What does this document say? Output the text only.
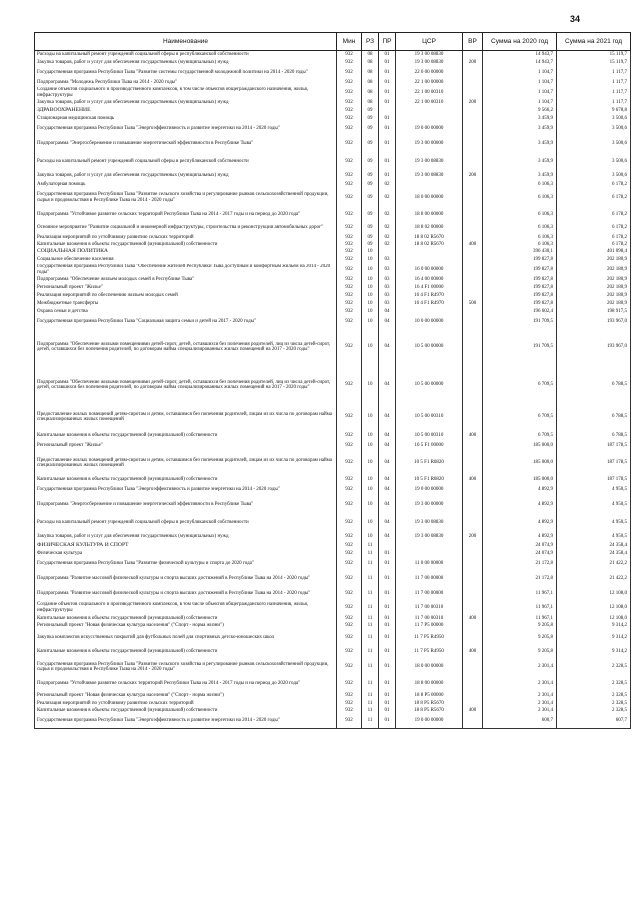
34
Наименование	Мин	РЗ	ПР	ЦСР	ВР	Сумма на 2020 год	Сумма на 2021 год
Расходы на капитальный ремонт учреждений социальной сферы в республиканской собственности	932	08	01	19 3 00 08830		14 943,7	15 119,7
Закупка товаров, работ и услуг для обеспечения государственных (муниципальных) нужд	932	08	01	19 3 00 08830	200	14 943,7	15 119,7
Государственная программа Республики Тыва "Развитие системы государственной молодежной политики на 2014 - 2020 годы"	932	08	01	22 0 00 00000		1 104,7	1 117,7
Подпрограмма "Молодежь Республики Тыва на 2014 - 2020 годы"	932	08	01	22 1 00 00000		1 104,7	1 117,7
Создание объектов социального и производственного комплексов, в том числе объектов общегражданского назначения, жилья, инфраструктуры	932	08	01	22 1 00 00310		1 104,7	1 117,7
Закупка товаров, работ и услуг для обеспечения государственных (муниципальных) нужд	932	08	01	22 1 00 00310	200	1 104,7	1 117,7
ЗДРАВООХРАНЕНИЕ	932	09				9 566,2	9 678,8
Стационарная медицинская помощь	932	09	01			3 459,9	3 500,6
Государственная программа Республики Тыва "Энергоэффективность и развитие энергетики на 2014 - 2020 годы"	932	09	01	19 0 00 00000		3 459,9	3 500,6
Подпрограмма "Энергосбережение и повышение энергетической эффективности в Республике Тыва"	932	09	01	19 3 00 00000		3 459,9	3 500,6
Расходы на капитальный ремонт учреждений социальной сферы в республиканской собственности	932	09	01	19 3 00 08830		3 459,9	3 500,6
Закупка товаров, работ и услуг для обеспечения государственных (муниципальных) нужд	932	09	01	19 3 00 08830	200	3 459,9	3 500,6
Амбулаторная помощь	932	09	02			6 106,3	6 178,2
Государственная программа Республики Тыва "Развитие сельского хозяйства и регулирование рынков сельскохозяйственной продукции, сырья и продовольствия в Республике Тыва на 2014 - 2020 годы"	932	09	02	18 0 00 00000		6 106,3	6 178,2
Подпрограмма "Устойчивое развитие сельских территорий Республики Тыва на 2014 - 2017 годы и на период до 2020 года"	932	09	02	18 8 00 00000		6 106,3	6 178,2
Основное мероприятие "Развитие социальной и инженерной инфраструктуры, строительства и реконструкции автомобильных дорог"	932	09	02	18 8 02 00000		6 106,3	6 178,2
Реализация мероприятий по устойчивому развитию сельских территорий	932	09	02	18 8 02 R5670		6 106,3	6 178,2
Капитальные вложения в объекты государственной (муниципальной) собственности	932	09	02	18 8 02 R5670	400	6 106,3	6 178,2
СОЦИАЛЬНАЯ ПОЛИТИКА	932	10				396 430,1	401 098,4
Социальное обеспечение населения	932	10	03			199 827,8	202 180,9
Государственная программа Республики Тыва "Обеспечение жителей Республики Тыва доступным и комфортным жильем на 2014 - 2020 годы"	932	10	03	16 0 00 00000		199 827,8	202 180,9
Подпрограмма "Обеспечение жильем молодых семей в Республике Тыва"	932	10	03	16 4 00 00000		199 827,8	202 180,9
Региональный проект "Жилье"	932	10	03	16 4 F1 00000		199 827,8	202 180,9
Реализация мероприятий по обеспечению жильем молодых семей	932	10	03	16 4 F1 R4970		199 827,8	202 180,9
Межбюджетные трансферты	932	10	03	16 4 F1 R4970	500	199 827,8	202 180,9
Охрана семьи и детства	932	10	04			196 602,4	198 917,5
Государственная программа Республики Тыва "Социальная защита семьи и детей на 2017 - 2020 годы"	932	10	04	10 0 00 00000		191 709,5	193 967,0
Подпрограмма "Обеспечение жилыми помещениями детей-сирот, детей, оставшихся без попечения родителей, лиц из числа детей-сирот, детей, оставшихся без попечения родителей, по договорам найма специализированных жилых помещений на 2017 - 2020 годы"	932	10	04	10 5 00 00000		191 709,5	193 967,0
Подпрограмма "Обеспечение жилыми помещениями детей-сирот, детей, оставшихся без попечения родителей, лиц из числа детей-сирот, детей, оставшихся без попечения родителей, по договорам найма специализированных жилых помещений на 2017 - 2020 годы"	932	10	04	10 5 00 00000		6 709,5	6 788,5
Предоставление жилых помещений детям-сиротам и детям, оставшимся без попечения родителей, лицам из их числа по договорам найма специализированных жилых помещений	932	10	04	10 5 00 00310		6 709,5	6 788,5
Капитальные вложения в объекты государственной (муниципальной) собственности	932	10	04	10 5 00 00310	400	6 709,5	6 788,5
Региональный проект "Жилье"	932	10	04	10 5 F1 00000		185 000,0	187 178,5
Предоставление жилых помещений детям-сиротам и детям, оставшимся без попечения родителей, лицам из их числа по договорам найма специализированных жилых помещений	932	10	04	10 5 F1 R0820		185 000,0	187 178,5
Капитальные вложения в объекты государственной (муниципальной) собственности	932	10	04	10 5 F1 R0820	400	185 000,0	187 178,5
Государственная программа Республики Тыва "Энергоэффективность и развитие энергетики на 2014 - 2020 годы"	932	10	04	19 0 00 00000		4 892,9	4 950,5
Подпрограмма "Энергосбережение и повышение энергетической эффективности в Республике Тыва"	932	10	04	19 3 00 00000		4 892,9	4 950,5
Расходы на капитальный ремонт учреждений социальной сферы в республиканской собственности	932	10	04	19 3 00 08830		4 892,9	4 950,5
Закупка товаров, работ и услуг для обеспечения государственных (муниципальных) нужд	932	10	04	19 3 00 08830	200	4 892,9	4 950,5
ФИЗИЧЕСКАЯ КУЛЬТУРА И СПОРТ	932	11				24 074,9	24 358,4
Физическая культура	932	11	01			24 074,9	24 358,4
Государственная программа Республики Тыва "Развитие физической культуры и спорта до 2020 года"	932	11	01	11 0 00 00000		21 172,8	21 422,2
Подпрограмма "Развитие массовой физической культуры и спорта высших достижений в Республике Тыва на 2014 - 2020 годы"	932	11	01	11 7 00 00000		21 172,8	21 422,2
Подпрограмма "Развитие массовой физической культуры и спорта высших достижений в Республике Тыва на 2014 - 2020 годы"	932	11	01	11 7 00 00000		11 967,1	12 108,0
Создание объектов социального и производственного комплексов, в том числе объектов общегражданского назначения, жилья, инфраструктуры	932	11	01	11 7 00 00310		11 967,1	12 108,0
Капитальные вложения в объекты государственной (муниципальной) собственности	932	11	01	11 7 00 00310	400	11 967,1	12 108,0
Региональный проект "Новая физическая культура населения" ("Спорт - норма жизни")	932	11	01	11 7 P5 00000		9 205,8	9 314,2
Закупка комплектов искусственных покрытий для футбольных полей для спортивных детско-юношеских школ	932	11	01	11 7 P5 R4950		9 205,8	9 314,2
Капитальные вложения в объекты государственной (муниципальной) собственности	932	11	01	11 7 P5 R4950	400	9 205,8	9 314,2
Государственная программа Республики Тыва "Развитие сельского хозяйства и регулирование рынков сельскохозяйственной продукции, сырья и продовольствия в Республике Тыва на 2014 - 2020 годы"	932	11	01	18 0 00 00000		2 301,4	2 328,5
Подпрограмма "Устойчивое развитие сельских территорий Республики Тыва на 2014 - 2017 годы и на период до 2020 года"	932	11	01	18 8 00 00000		2 301,4	2 328,5
Региональный проект "Новая физическая культура населения" ("Спорт - норма жизни")	932	11	01	18 8 P5 00000		2 301,4	2 328,5
Реализация мероприятий по устойчивому развитию сельских территорий	932	11	01	18 8 P5 R5670		2 301,4	2 328,5
Капитальные вложения в объекты государственной (муниципальной) собственности	932	11	01	18 8 P5 R5670	400	2 301,4	2 328,5
Государственная программа Республики Тыва "Энергоэффективность и развитие энергетики на 2014 - 2020 годы"	932	11	01	19 0 00 00000		600,7	607,7
